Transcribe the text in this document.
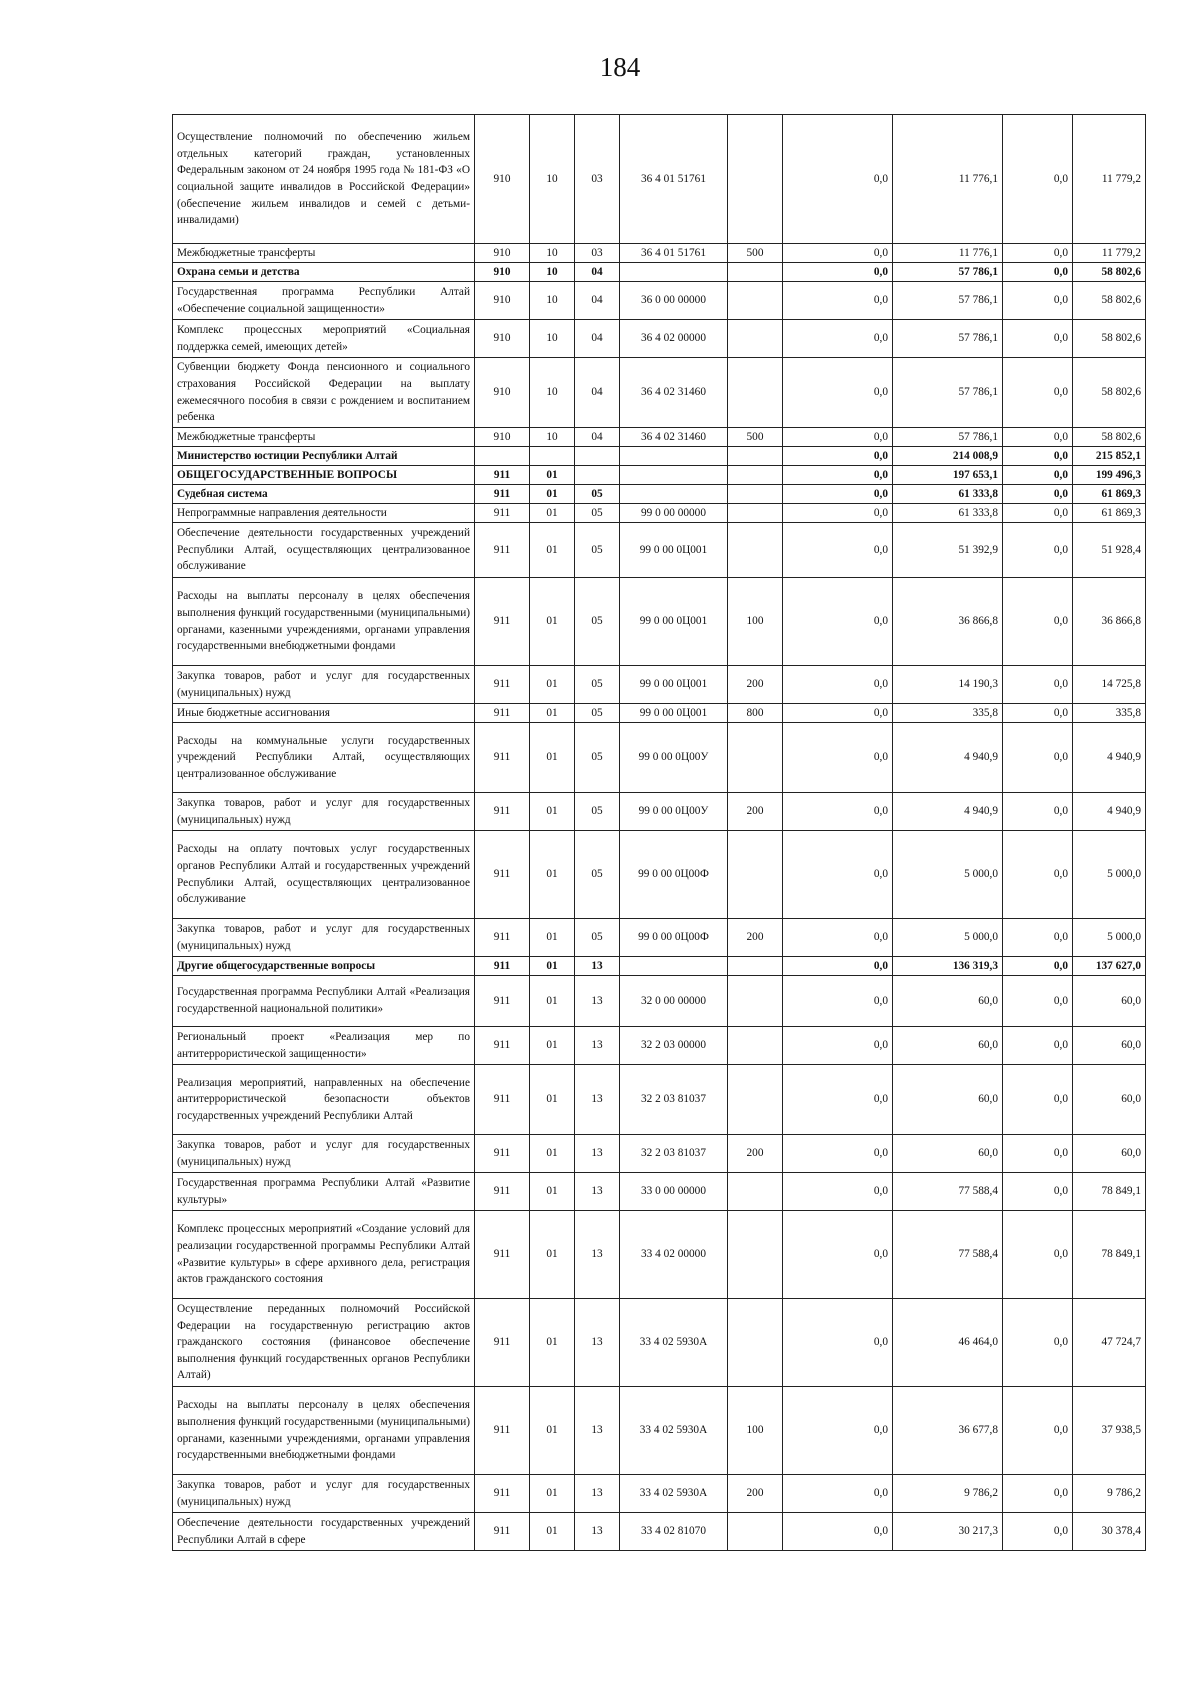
184
Осуществление полномочий по обеспечению жильем отдельных категорий граждан, установленных Федеральным законом от 24 ноября 1995 года № 181-ФЗ «О социальной защите инвалидов в Российской Федерации» (обеспечение жильем инвалидов и семей с детьми-инвалидами)	910	10	03	36 4 01 51761		0,0	11 776,1	0,0	11 779,2
Межбюджетные трансферты	910	10	03	36 4 01 51761	500	0,0	11 776,1	0,0	11 779,2
Охрана семьи и детства	910	10	04			0,0	57 786,1	0,0	58 802,6
Государственная программа Республики Алтай «Обеспечение социальной защищенности»	910	10	04	36 0 00 00000		0,0	57 786,1	0,0	58 802,6
Комплекс процессных мероприятий «Социальная поддержка семей, имеющих детей»	910	10	04	36 4 02 00000		0,0	57 786,1	0,0	58 802,6
Субвенции бюджету Фонда пенсионного и социального страхования Российской Федерации на выплату ежемесячного пособия в связи с рождением и воспитанием ребенка	910	10	04	36 4 02 31460		0,0	57 786,1	0,0	58 802,6
Межбюджетные трансферты	910	10	04	36 4 02 31460	500	0,0	57 786,1	0,0	58 802,6
Министерство юстиции Республики Алтай						0,0	214 008,9	0,0	215 852,1
ОБЩЕГОСУДАРСТВЕННЫЕ ВОПРОСЫ	911	01				0,0	197 653,1	0,0	199 496,3
Судебная система	911	01	05			0,0	61 333,8	0,0	61 869,3
Непрограммные направления деятельности	911	01	05	99 0 00 00000		0,0	61 333,8	0,0	61 869,3
Обеспечение деятельности государственных учреждений Республики Алтай, осуществляющих централизованное обслуживание	911	01	05	99 0 00 0Ц001		0,0	51 392,9	0,0	51 928,4
Расходы на выплаты персоналу в целях обеспечения выполнения функций государственными (муниципальными) органами, казенными учреждениями, органами управления государственными внебюджетными фондами	911	01	05	99 0 00 0Ц001	100	0,0	36 866,8	0,0	36 866,8
Закупка товаров, работ и услуг для государственных (муниципальных) нужд	911	01	05	99 0 00 0Ц001	200	0,0	14 190,3	0,0	14 725,8
Иные бюджетные ассигнования	911	01	05	99 0 00 0Ц001	800	0,0	335,8	0,0	335,8
Расходы на коммунальные услуги государственных учреждений Республики Алтай, осуществляющих централизованное обслуживание	911	01	05	99 0 00 0Ц00У		0,0	4 940,9	0,0	4 940,9
Закупка товаров, работ и услуг для государственных (муниципальных) нужд	911	01	05	99 0 00 0Ц00У	200	0,0	4 940,9	0,0	4 940,9
Расходы на оплату почтовых услуг государственных органов Республики Алтай и государственных учреждений Республики Алтай, осуществляющих централизованное обслуживание	911	01	05	99 0 00 0Ц00Ф		0,0	5 000,0	0,0	5 000,0
Закупка товаров, работ и услуг для государственных (муниципальных) нужд	911	01	05	99 0 00 0Ц00Ф	200	0,0	5 000,0	0,0	5 000,0
Другие общегосударственные вопросы	911	01	13			0,0	136 319,3	0,0	137 627,0
Государственная программа Республики Алтай «Реализация государственной национальной политики»	911	01	13	32 0 00 00000		0,0	60,0	0,0	60,0
Региональный проект «Реализация мер по антитеррористической защищенности»	911	01	13	32 2 03 00000		0,0	60,0	0,0	60,0
Реализация мероприятий, направленных на обеспечение антитеррористической безопасности объектов государственных учреждений Республики Алтай	911	01	13	32 2 03 81037		0,0	60,0	0,0	60,0
Закупка товаров, работ и услуг для государственных (муниципальных) нужд	911	01	13	32 2 03 81037	200	0,0	60,0	0,0	60,0
Государственная программа Республики Алтай «Развитие культуры»	911	01	13	33 0 00 00000		0,0	77 588,4	0,0	78 849,1
Комплекс процессных мероприятий «Создание условий для реализации государственной программы Республики Алтай «Развитие культуры» в сфере архивного дела, регистрация актов гражданского состояния	911	01	13	33 4 02 00000		0,0	77 588,4	0,0	78 849,1
Осуществление переданных полномочий Российской Федерации на государственную регистрацию актов гражданского состояния (финансовое обеспечение выполнения функций государственных органов Республики Алтай)	911	01	13	33 4 02 5930А		0,0	46 464,0	0,0	47 724,7
Расходы на выплаты персоналу в целях обеспечения выполнения функций государственными (муниципальными) органами, казенными учреждениями, органами управления государственными внебюджетными фондами	911	01	13	33 4 02 5930А	100	0,0	36 677,8	0,0	37 938,5
Закупка товаров, работ и услуг для государственных (муниципальных) нужд	911	01	13	33 4 02 5930А	200	0,0	9 786,2	0,0	9 786,2
Обеспечение деятельности государственных учреждений Республики Алтай в сфере	911	01	13	33 4 02 81070		0,0	30 217,3	0,0	30 378,4
